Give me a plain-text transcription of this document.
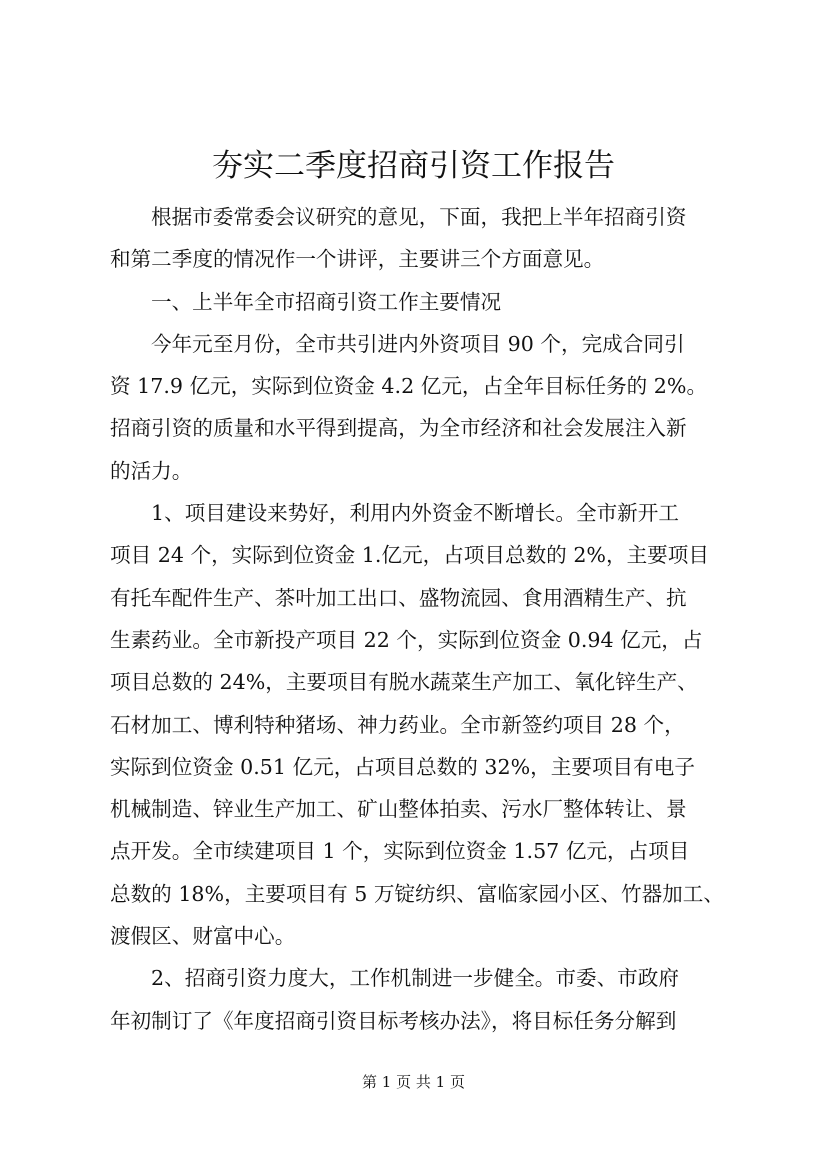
夯实二季度招商引资工作报告
根据市委常委会议研究的意见，下面，我把上半年招商引资
和第二季度的情况作一个讲评，主要讲三个方面意见。
一、上半年全市招商引资工作主要情况
今年元至月份，全市共引进内外资项目 90 个，完成合同引
资 17.9 亿元，实际到位资金 4.2 亿元，占全年目标任务的 2%。
招商引资的质量和水平得到提高，为全市经济和社会发展注入新
的活力。
1、项目建设来势好，利用内外资金不断增长。全市新开工
项目 24 个，实际到位资金 1.亿元，占项目总数的 2%，主要项目
有托车配件生产、茶叶加工出口、盛物流园、食用酒精生产、抗
生素药业。全市新投产项目 22 个，实际到位资金 0.94 亿元，占
项目总数的 24%，主要项目有脱水蔬菜生产加工、氧化锌生产、
石材加工、博利特种猪场、神力药业。全市新签约项目 28 个，
实际到位资金 0.51 亿元，占项目总数的 32%，主要项目有电子
机械制造、锌业生产加工、矿山整体拍卖、污水厂整体转让、景
点开发。全市续建项目 1 个，实际到位资金 1.57 亿元，占项目
总数的 18%，主要项目有 5 万锭纺织、富临家园小区、竹器加工、
渡假区、财富中心。
2、招商引资力度大，工作机制进一步健全。市委、市政府
年初制订了《年度招商引资目标考核办法》，将目标任务分解到
第 1 页 共 1 页
